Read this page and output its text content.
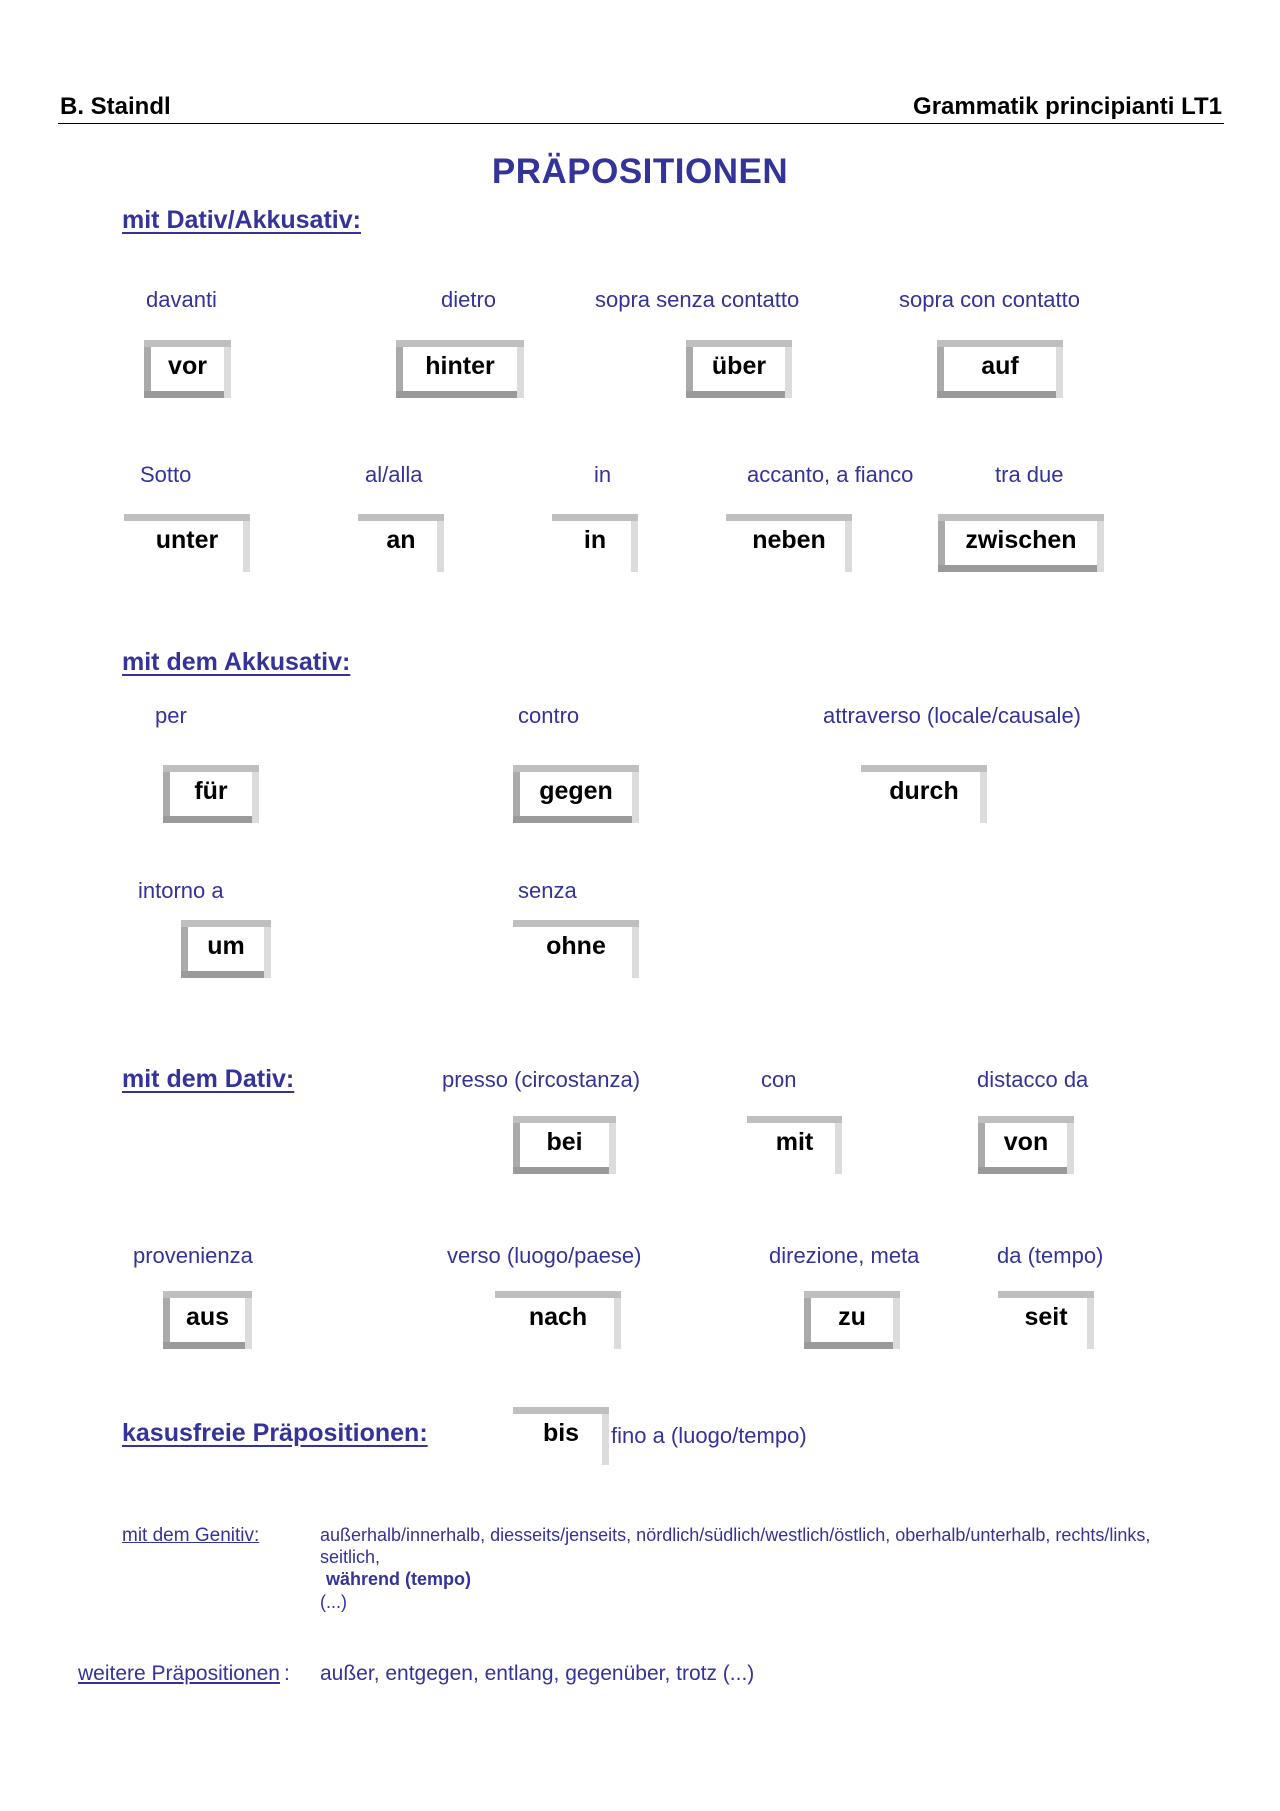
B. Staindl	Grammatik principianti LT1
PRÄPOSITIONEN
mit Dativ/Akkusativ:
davanti	dietro	sopra senza contatto	sopra con contatto
vor	hinter	über	auf
Sotto	al/alla	in	accanto, a fianco	tra due
unter	an	in	neben	zwischen
mit dem Akkusativ:
per	contro	attraverso (locale/causale)
für	gegen	durch
intorno a	senza
um	ohne
mit dem Dativ:	presso (circostanza)	con	distacco da
bei	mit	von
provenienza	verso (luogo/paese)	direzione, meta	da (tempo)
aus	nach	zu	seit
kasusfreie Präpositionen:	bis	fino a (luogo/tempo)
mit dem Genitiv:	außerhalb/innerhalb, diesseits/jenseits, nördlich/südlich/westlich/östlich, oberhalb/unterhalb, rechts/links,
seitlich,
während (tempo)
(...)
weitere Präpositionen : außer, entgegen, entlang, gegenüber, trotz (...)
